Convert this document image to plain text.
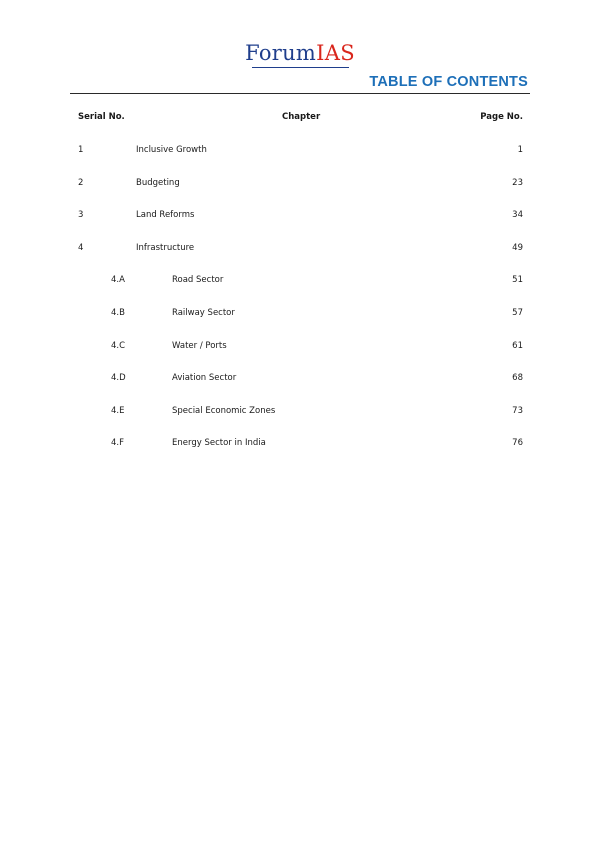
ForumIAS
TABLE OF CONTENTS
Serial No.	Chapter	Page No.
1	Inclusive Growth	1
2	Budgeting	23
3	Land Reforms	34
4	Infrastructure	49
4.A	Road Sector	51
4.B	Railway Sector	57
4.C	Water / Ports	61
4.D	Aviation Sector	68
4.E	Special Economic Zones	73
4.F	Energy Sector in India	76
